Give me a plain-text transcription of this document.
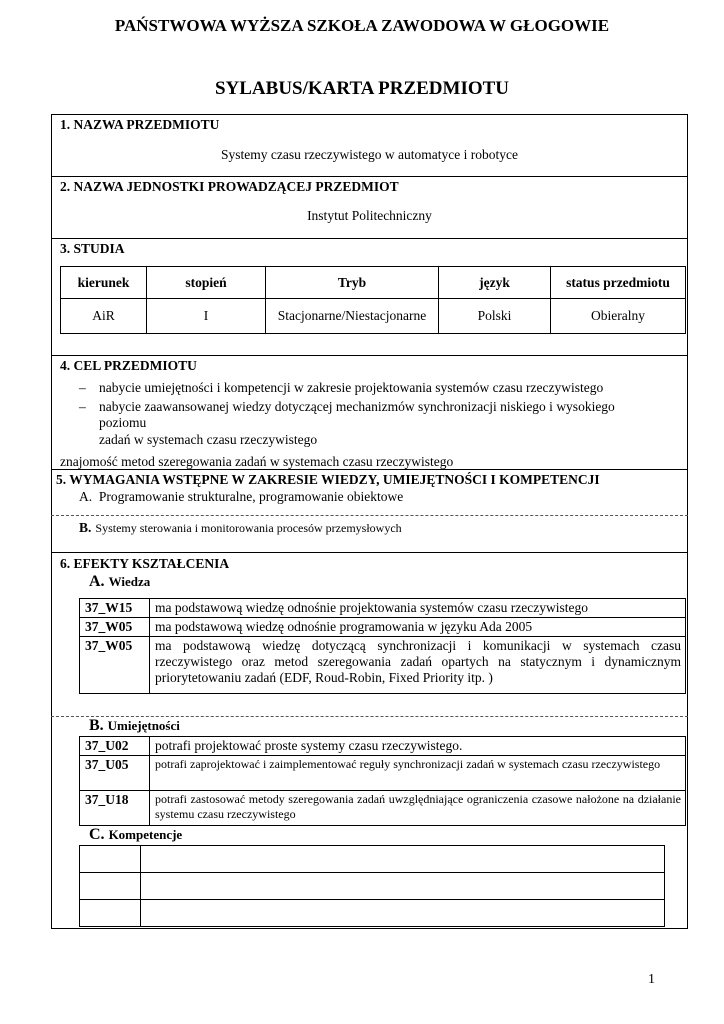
PAŃSTWOWA WYŻSZA SZKOŁA ZAWODOWA W GŁOGOWIE
SYLABUS/KARTA PRZEDMIOTU
1. NAZWA PRZEDMIOTU
Systemy czasu rzeczywistego w automatyce i robotyce
2. NAZWA JEDNOSTKI PROWADZĄCEJ PRZEDMIOT
Instytut Politechniczny
3. STUDIA
kierunek	stopień	Tryb	język	status przedmiotu
AiR	I	Stacjonarne/Niestacjonarne	Polski	Obieralny
4. CEL PRZEDMIOTU
– nabycie umiejętności i kompetencji w zakresie projektowania systemów czasu rzeczywistego
– nabycie zaawansowanej wiedzy dotyczącej mechanizmów synchronizacji niskiego i wysokiego
poziomu
zadań w systemach czasu rzeczywistego
znajomość metod szeregowania zadań w systemach czasu rzeczywistego
5. WYMAGANIA WSTĘPNE W ZAKRESIE WIEDZY, UMIEJĘTNOŚCI I KOMPETENCJI
A. Programowanie strukturalne, programowanie obiektowe
B. Systemy sterowania i monitorowania procesów przemysłowych
6. EFEKTY KSZTAŁCENIA
A. Wiedza
37_W15	ma podstawową wiedzę odnośnie projektowania systemów czasu rzeczywistego
37_W05	ma podstawową wiedzę odnośnie programowania w języku Ada 2005
37_W05	ma podstawową wiedzę dotyczącą synchronizacji i komunikacji w systemach czasu rzeczywistego oraz metod szeregowania zadań opartych na statycznym i dynamicznym priorytetowaniu zadań (EDF, Roud-Robin, Fixed Priority itp. )
B. Umiejętności
37_U02	potrafi projektować proste systemy czasu rzeczywistego.
37_U05	potrafi zaprojektować i zaimplementować reguły synchronizacji zadań w systemach czasu rzeczywistego
37_U18	potrafi zastosować metody szeregowania zadań uwzględniające ograniczenia czasowe nałożone na działanie systemu czasu rzeczywistego
C. Kompetencje

1
